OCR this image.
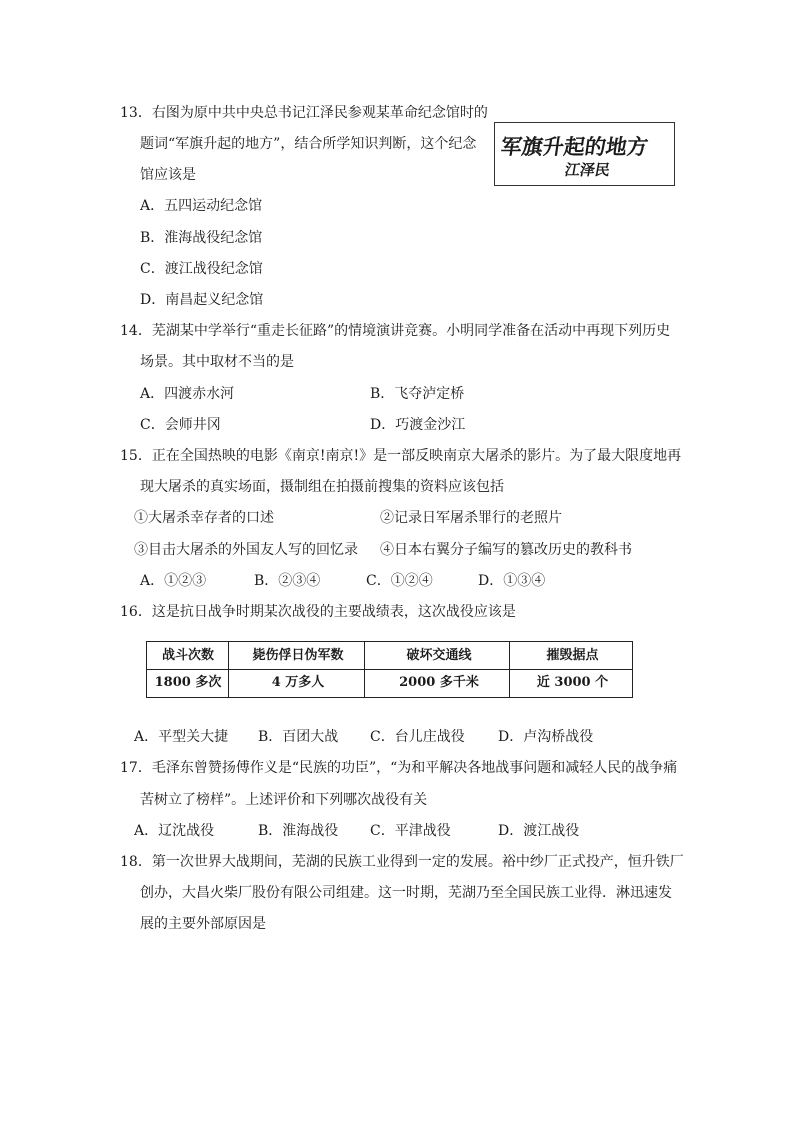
13．右图为原中共中央总书记江泽民参观某革命纪念馆时的
题词“军旗升起的地方”，结合所学知识判断，这个纪念
馆应该是
A．五四运动纪念馆
B．淮海战役纪念馆
C．渡江战役纪念馆
D．南昌起义纪念馆
军旗升起的地方
江泽民
14．芜湖某中学举行“重走长征路”的情境演讲竞赛。小明同学准备在活动中再现下列历史
场景。其中取材不当的是
A．四渡赤水河	B．飞夺泸定桥
C．会师井冈	D．巧渡金沙江
15．正在全国热映的电影《南京!南京!》是一部反映南京大屠杀的影片。为了最大限度地再
现大屠杀的真实场面，摄制组在拍摄前搜集的资料应该包括
①大屠杀幸存者的口述	②记录日军屠杀罪行的老照片
③目击大屠杀的外国友人写的回忆录 ④日本右翼分子编写的篡改历史的教科书
A．①②③	B．②③④	C．①②④	D．①③④
16．这是抗日战争时期某次战役的主要战绩表，这次战役应该是

战斗次数	毙伤俘日伪军数	破坏交通线	摧毁据点
1800 多次	4 万多人	2000 多千米	近 3000 个
A．平型关大捷 B．百团大战 C．台儿庄战役 D．卢沟桥战役
17．毛泽东曾赞扬傅作义是“民族的功臣”，“为和平解决各地战事问题和减轻人民的战争痛
苦树立了榜样”。上述评价和下列哪次战役有关
A．辽沈战役	B．淮海战役 C．平津战役	D．渡江战役
18．第一次世界大战期间，芜湖的民族工业得到一定的发展。裕中纱厂正式投产，恒升铁厂
创办，大昌火柴厂股份有限公司组建。这一时期，芜湖乃至全国民族工业得．淋迅速发
展的主要外部原因是
